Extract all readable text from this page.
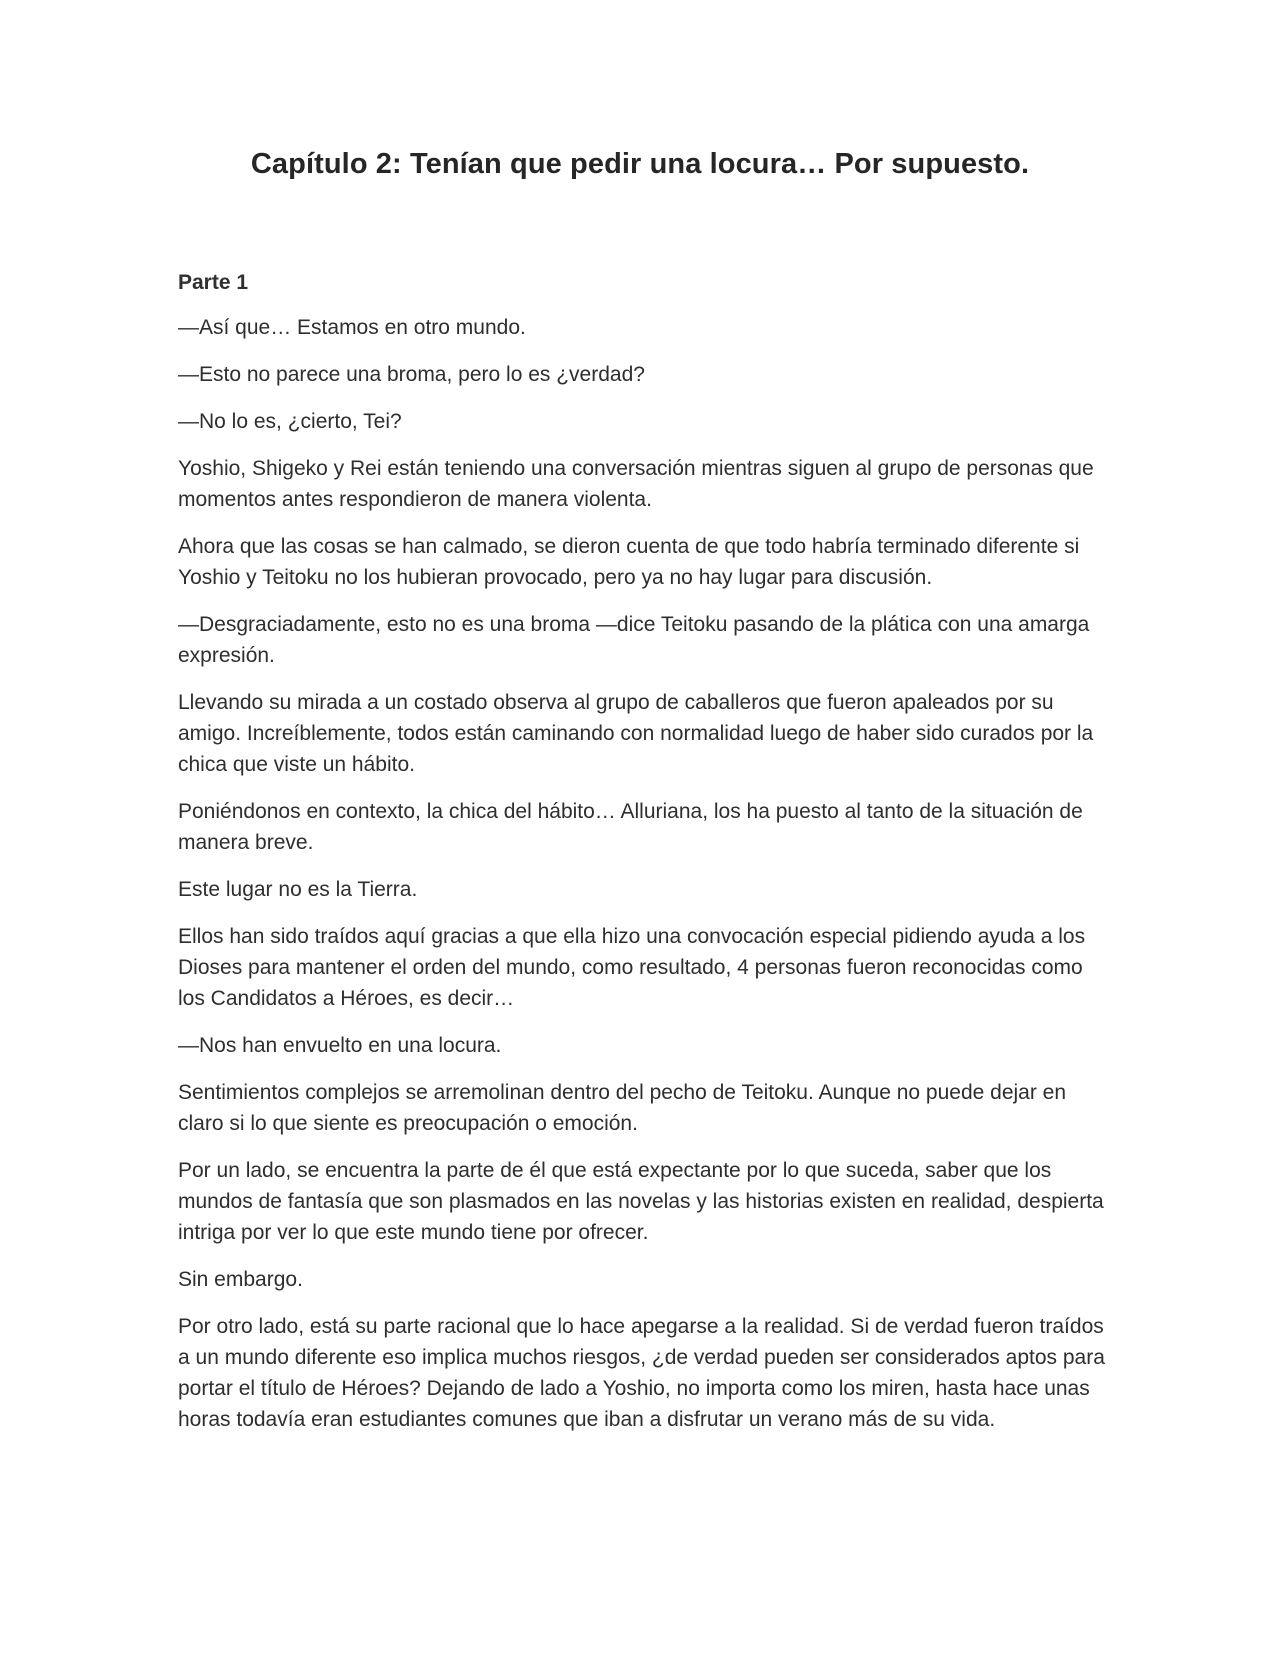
Capítulo 2: Tenían que pedir una locura… Por supuesto.
Parte 1

—Así que… Estamos en otro mundo.

—Esto no parece una broma, pero lo es ¿verdad?

—No lo es, ¿cierto, Tei?

Yoshio, Shigeko y Rei están teniendo una conversación mientras siguen al grupo de personas que momentos antes respondieron de manera violenta.

Ahora que las cosas se han calmado, se dieron cuenta de que todo habría terminado diferente si Yoshio y Teitoku no los hubieran provocado, pero ya no hay lugar para discusión.

—Desgraciadamente, esto no es una broma —dice Teitoku pasando de la plática con una amarga expresión.

Llevando su mirada a un costado observa al grupo de caballeros que fueron apaleados por su amigo. Increíblemente, todos están caminando con normalidad luego de haber sido curados por la chica que viste un hábito.

Poniéndonos en contexto, la chica del hábito… Alluriana, los ha puesto al tanto de la situación de manera breve.

Este lugar no es la Tierra.

Ellos han sido traídos aquí gracias a que ella hizo una convocación especial pidiendo ayuda a los Dioses para mantener el orden del mundo, como resultado, 4 personas fueron reconocidas como los Candidatos a Héroes, es decir…

—Nos han envuelto en una locura.

Sentimientos complejos se arremolinan dentro del pecho de Teitoku. Aunque no puede dejar en claro si lo que siente es preocupación o emoción.

Por un lado, se encuentra la parte de él que está expectante por lo que suceda, saber que los mundos de fantasía que son plasmados en las novelas y las historias existen en realidad, despierta intriga por ver lo que este mundo tiene por ofrecer.

Sin embargo.

Por otro lado, está su parte racional que lo hace apegarse a la realidad. Si de verdad fueron traídos a un mundo diferente eso implica muchos riesgos, ¿de verdad pueden ser considerados aptos para portar el título de Héroes? Dejando de lado a Yoshio, no importa como los miren, hasta hace unas horas todavía eran estudiantes comunes que iban a disfrutar un verano más de su vida.
